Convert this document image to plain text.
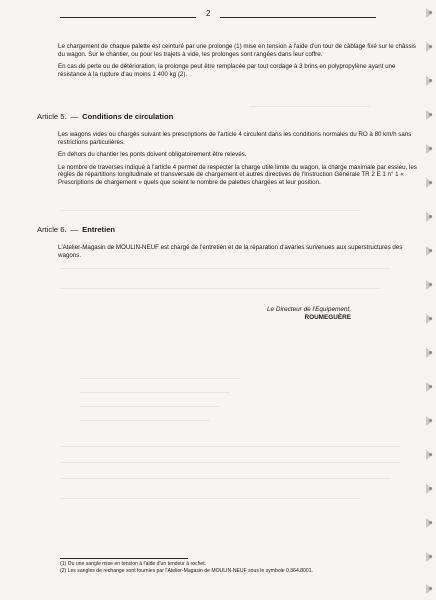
2

Le chargement de chaque palette est ceinturé par une prolonge (1) mise en tension à l'aide d'un tour de câblage fixé sur le châssis du wagon. Sur le chantier, ou pour les trajets à vide, les prolonges sont rangées dans leur coffre.

En cas de perte ou de détérioration, la prolonge peut être remplacée par tout cordage à 3 brins en polypropylène ayant une résistance à la rupture d'au moins 1 400 kg (2).

Article 5. — Conditions de circulation

Les wagons vides ou chargés suivant les prescriptions de l'article 4 circulent dans les conditions normales du RO à 80 km/h sans restrictions particulières.

En dehors du chantier les ponts doivent obligatoirement être relevés.

Le nombre de traverses indiqué à l'article 4 permet de respecter la charge utile limite du wagon, la charge maximale par essieu, les règles de répartitions longitudinale et transversale de chargement et autres directives de l'Instruction Générale TR 2 E 1 n° 1 « Prescriptions de chargement » quels que soient le nombre de palettes chargées et leur position.

Article 6. — Entretien

L'Atelier-Magasin de MOULIN-NEUF est chargé de l'entretien et de la réparation d'avaries survenues aux superstructures des wagons.

Le Directeur de l'Equipement,
ROUMEGUÈRE
(1) Ou une sangle mise en tension à l'aide d'un tendeur à rochet.
(2) Les sangles de rechange sont fournies par l'Atelier-Magasin de MOULIN-NEUF sous le symbole 0.364.8001.
